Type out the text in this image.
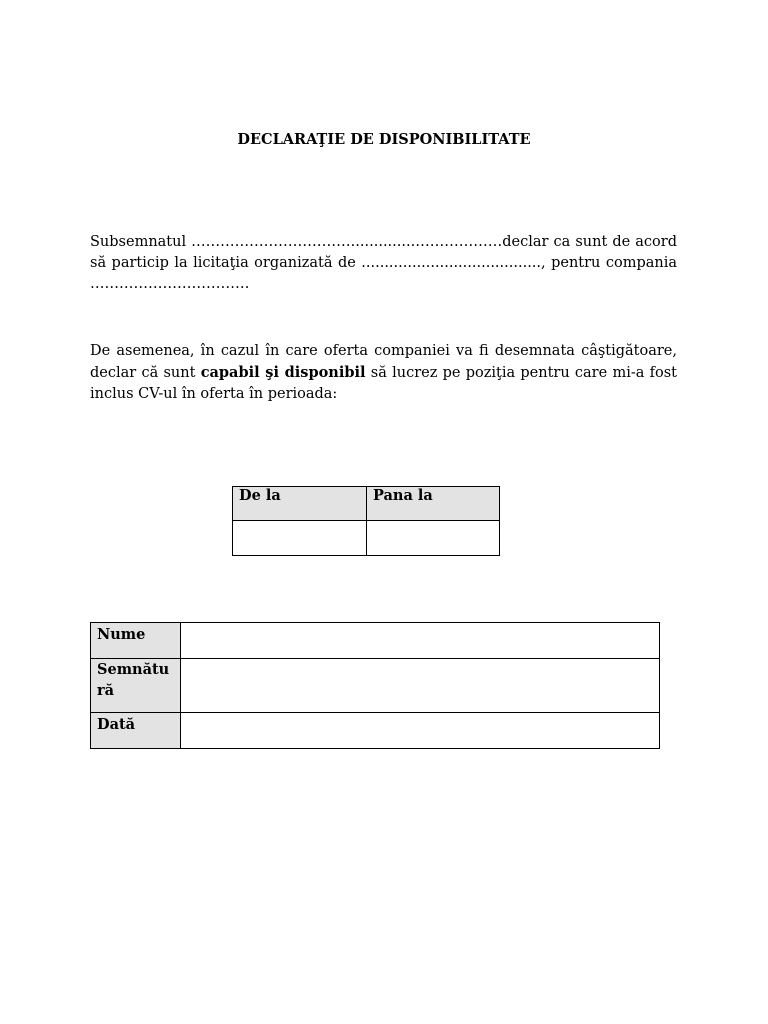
DECLARAŢIE DE DISPONIBILITATE

Subsemnatul ……………………………..............………………declar ca sunt de acord să particip la licitaţia organizată de ......................................., pentru compania ……………………………

De asemenea, în cazul în care oferta companiei va fi desemnata câştigătoare, declar că sunt capabil şi disponibil să lucrez pe poziţia pentru care mi-a fost inclus CV-ul în oferta în perioada:

De la	Pana la

Nume	
Semnătu ră	
Dată	
